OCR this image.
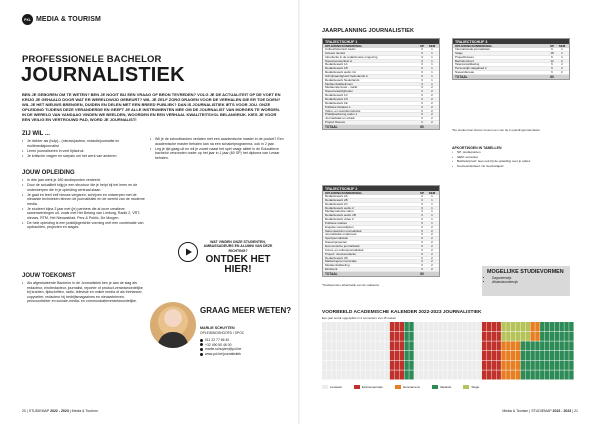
PXL MEDIA & TOURISM
PROFESSIONELE BACHELOR
JOURNALISTIEK

BEN JE GEBOREN OM TE WETEN? BEN JE NOOIT BIJ EEN VRAAG OF BRON TEVREDEN? VOLG JE DE ACTUALITEIT OP DE VOET EN KRIJG JE GEHAALD DOOR WAT ER WERELDWIJD GEBEURT? WIL JE ZELF ZORG DRAGEN VOOR DE VERHALEN DIE ER TOE DOEN? WIL JE HET NIEUWS BRENGEN, DUIDEN EN DELEN MET EEN BREED PUBLIEK? DAN IS JOURNALISTIEK IETS VOOR JOU. ONZE OPLEIDING TIJDENS DEZE VERANDERDE EN GEEFT JE ALLE INSTRUMENTEN MEE OM DE JOURNALIST VAN MORGEN TE WORDEN. IN DE WERELD VAN VANDAAG VINDEN WE BEELDEN, WOORDEN EN EEN VERHAAL KWALITEITSVOL BELANGRIJK. KIES JE VOOR EEN VEILIG EN VERTROUWD PAD, WORD JE JOURNALIST!

ZIJ WIL ...
• Je dichter als (hulp)-, (nieuws)auteur, redactiejournalist en multimediajournalist
• Leren journaliseren in veel tijdsdruk
• Je kritische vragen en scepsis om het werk van anderen
• Wil je de schoolbanken verlaten met een academische master in de pocket? Een academische master behalen kan na een schakelprogramma, ook in 2 jaar.
• Leg je tijd gaag uit en wil je zowel naast het spel vaagr aktief in de Educatieve bachelor verzonden onder op het jaar in 1 jaar (60 SP) het diploma van Leraar behalen.
JOUW OPLEIDING
• In drie jaar werk je 180 studiepunten verdeeld.
• Door de actualiteit krijg je een structuur die je helpt bij het leren en de onderwerpen die in je opleiding centraal staan.
• Je gaat en leert zelf nieuws vergaren, schrijven en ontwerpen met de nieuwste technieken binnen de journalistiek en de wereld van de moderne media.
• Je studeert bijna 3 jaar met (je) partners die al onze creatieve samenwerkingen uit, zoals met Het Belang van Limburg, Radio 2, VRT-nieuws, RTM, Het Nieuwsblad, Pers & Public, De Morgen.
• De hele opleiding is een praktijkgerichte vorming met een combinatie van opdrachten, projecten en stages.
JOUW TOEKOMST
• Als afgestudeerde Bachelor in de Journalistiek ben je aan de slag als redacteur, eindredacteur, journalist, reporter of product-verantwoordelijke bij kranten, tijdschriften, radio, televisie en online media of als freelancer, copywriter, redacteur bij bedrijfsmagazines en nieuwsbrieven, persvoorlichter en sociale-media- en communicatieverantwoordelijke.
WAT VINDEN ONZE STUDENTEN, AMBASSADEURS EN ALUMNI VAN DEZE RICHTING?
ONTDEK HET HIER!
GRAAG MEER WETEN?
MARLIE SCHUYTEN
OPLEIDINGSHOOFD / SPOC
011 22 77 66 40
+32 490 50 46 00
marlie.schuyten@pxl.be
www.pxl.be/journalistiek
20 | STUDIEMAP 2022 - 2023 | Media & Tourism
JAARPLANNING JOURNALISTIEK
TRAJECTSCHIJF 1
OPLEIDINGSONDERDEEL	SP	SEM
Cultuurhistorisch kader	3	1
Actueel nieuws	3	1
Introductie in de redactionele omgeving	3	1
Nieuwsverwerking A	3	1
Redactiewerk 1A	3	1
Redactiewerk 1B	3	1
Redactiewerk audio 1A	3	1
Schrijfvaardigheid Nederlands A	3	1
Redactiewerk Nederlands	3	1
Mediaontwikkelingen	3	1
Mediaonderzoek - markt	3	2
Nieuwsvaardigheden	3	2
Redactiewerk 1C	3	2
Redactiewerk 1D	3	2
Redactiewerk 1E	3	2
Publieke Relaties 1	3	2
Video- en geluidsproductie	3	2
Praktijkoefening audio 1	3	2
Journalistiek en ethiek	3	2
Project Nieuws	3	2
TOTAAL	60
TRAJECTSCHIJF 3
OPLEIDINGSONDERDEEL	SP	SEM
Internationale journalistiek	6	1
Stage	18	1
Projectbureau	6	1
Bachelorproef	12	2
Talentontwikkeling	6	2
Persoonlijk vakgebied 2	6	2
Nieuwsbureau	6	2
TOTAAL	60
TRAJECTSCHIJF 2
OPLEIDINGSONDERDEEL	SP	SEM
Redactiewerk 2A	3	1
Redactiewerk 2B	3	1
Redactiewerk 2C	3	1
Redactiewerk audio 2	3	1
Mediaproductie video	3	1
Redactiewerk audio 2B	3	1
Redactiewerk video 2	3	1
Publieke relaties	3	1
Engelse nieuwslijsten	3	2
Samenwerking journalistiek	3	2
Journalistiek onderzoek	3	2
Sportjournalistiek	3	2
Nieuwsprojecten	3	2
Economische journalistiek	3	2
Kunst- en cultuurjournalistiek	3	2
Project: nieuwsredactie	3	2
Redactiewerk 2D	3	2
Marketingcommunicatie	3	2
Mediaontwikkeling	3	2
Eindwerk	3	2
TOTAAL	60
*De student kan kiezen tussen een van de 2 opleidingsonderdelen
*Studiepunten afhankelijk van de vakkeuze
AFKORTINGEN IN TABELLEN
• SP: studiepunten
• SEM: semester
• Bachelorproef: lees ook bij de opleiding over je opties
• Keuzeonderdeel: zie 'keuzetraject'
MOGELIJKE STUDIEVORMEN
• Dagonderwijs
• Afstandsonderwijs
VOORBEELD ACADEMISCHE KALENDER 2022-2023 JOURNALISTIEK
Een jaar wordt opgesplitst in 2 semesters van 15 weken
Lesweek	Examenperiode	Herexamens	Vakantie	Stage
Media & Tourism | STUDIEMAP 2022 - 2023 | 21
